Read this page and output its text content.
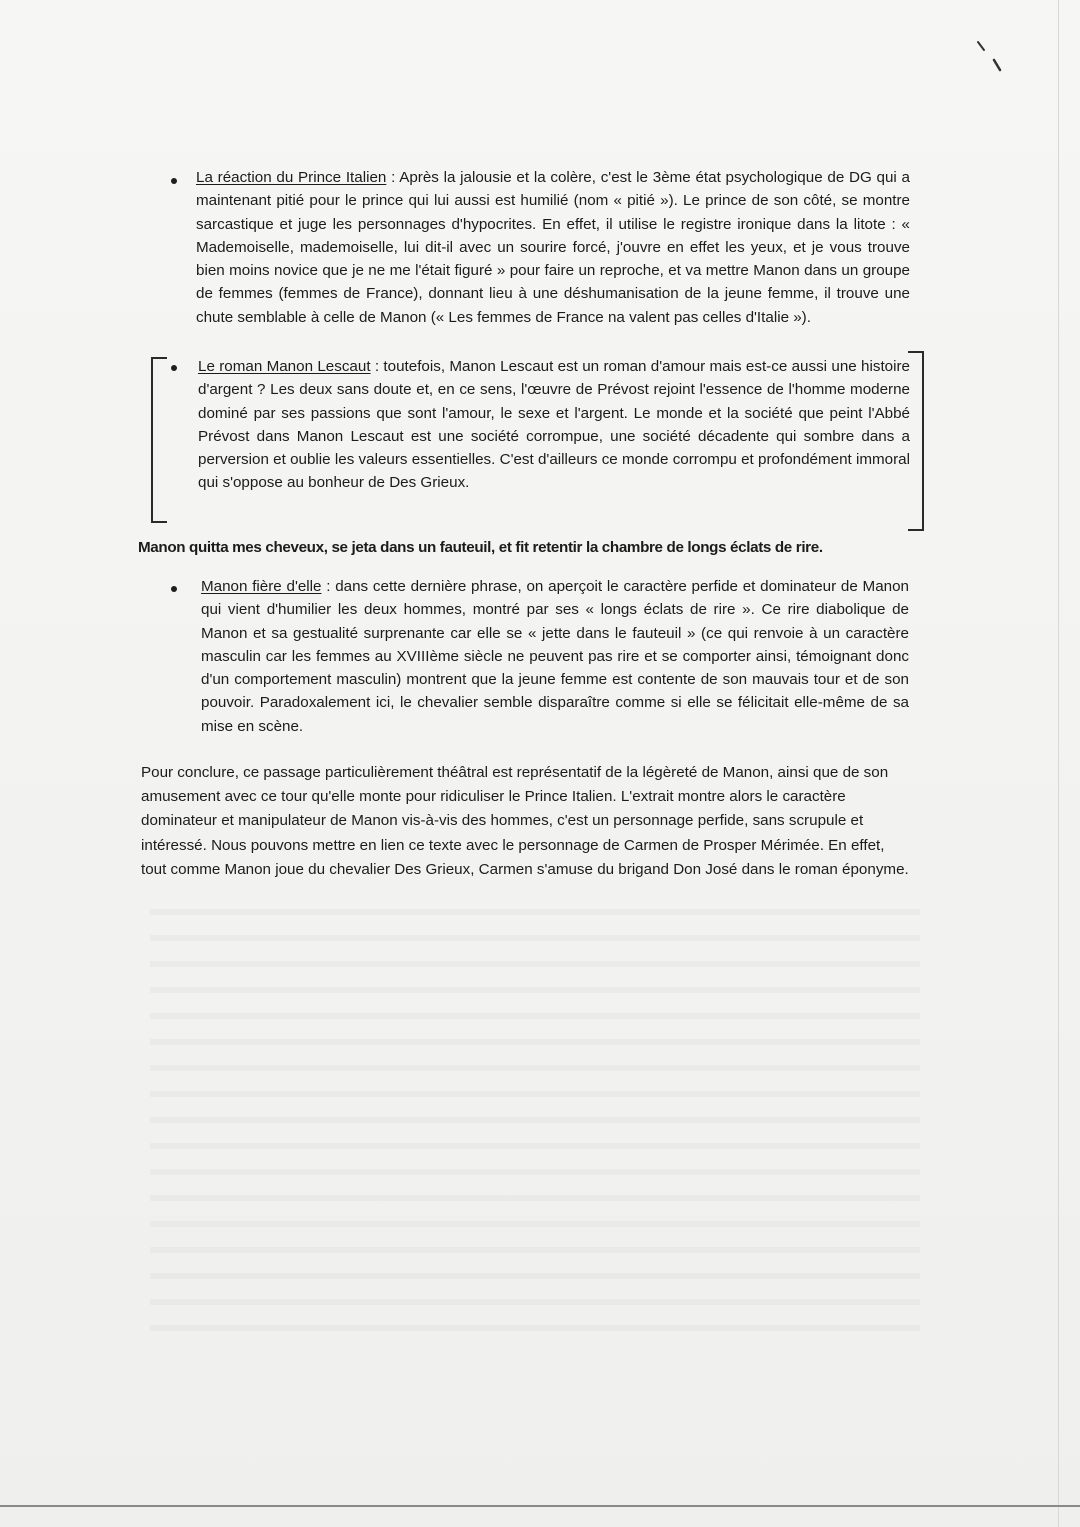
La réaction du Prince Italien : Après la jalousie et la colère, c'est le 3ème état psychologique de DG qui a maintenant pitié pour le prince qui lui aussi est humilié (nom « pitié »). Le prince de son côté, se montre sarcastique et juge les personnages d'hypocrites. En effet, il utilise le registre ironique dans la litote : « Mademoiselle, mademoiselle, lui dit-il avec un sourire forcé, j'ouvre en effet les yeux, et je vous trouve bien moins novice que je ne me l'était figuré » pour faire un reproche, et va mettre Manon dans un groupe de femmes (femmes de France), donnant lieu à une déshumanisation de la jeune femme, il trouve une chute semblable à celle de Manon (« Les femmes de France na valent pas celles d'Italie »).
Le roman Manon Lescaut : toutefois, Manon Lescaut est un roman d'amour mais est-ce aussi une histoire d'argent ? Les deux sans doute et, en ce sens, l'œuvre de Prévost rejoint l'essence de l'homme moderne dominé par ses passions que sont l'amour, le sexe et l'argent. Le monde et la société que peint l'Abbé Prévost dans Manon Lescaut est une société corrompue, une société décadente qui sombre dans a perversion et oublie les valeurs essentielles. C'est d'ailleurs ce monde corrompu et profondément immoral qui s'oppose au bonheur de Des Grieux.
Manon quitta mes cheveux, se jeta dans un fauteuil, et fit retentir la chambre de longs éclats de rire.
Manon fière d'elle : dans cette dernière phrase, on aperçoit le caractère perfide et dominateur de Manon qui vient d'humilier les deux hommes, montré par ses « longs éclats de rire ». Ce rire diabolique de Manon et sa gestualité surprenante car elle se « jette dans le fauteuil » (ce qui renvoie à un caractère masculin car les femmes au XVIIIème siècle ne peuvent pas rire et se comporter ainsi, témoignant donc d'un comportement masculin) montrent que la jeune femme est contente de son mauvais tour et de son pouvoir. Paradoxalement ici, le chevalier semble disparaître comme si elle se félicitait elle-même de sa mise en scène.
Pour conclure, ce passage particulièrement théâtral est représentatif de la légèreté de Manon, ainsi que de son amusement avec ce tour qu'elle monte pour ridiculiser le Prince Italien. L'extrait montre alors le caractère dominateur et manipulateur de Manon vis-à-vis des hommes, c'est un personnage perfide, sans scrupule et intéressé. Nous pouvons mettre en lien ce texte avec le personnage de Carmen de Prosper Mérimée. En effet, tout comme Manon joue du chevalier Des Grieux, Carmen s'amuse du brigand Don José dans le roman éponyme.
